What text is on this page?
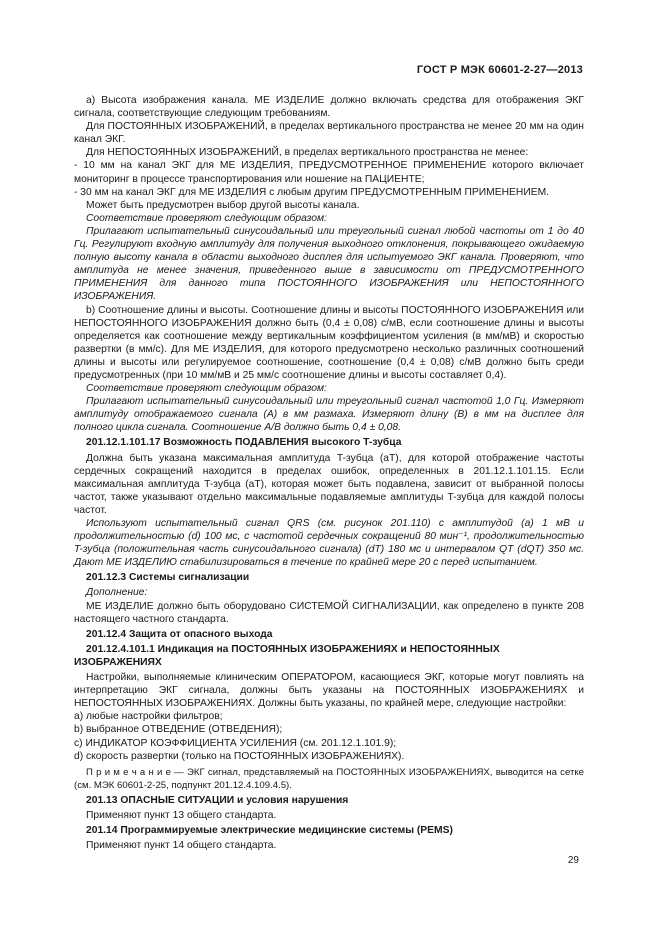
ГОСТ Р МЭК 60601-2-27—2013

а) Высота изображения канала. МЕ ИЗДЕЛИЕ должно включать средства для отображения ЭКГ сигнала, соответствующие следующим требованиям.

Для ПОСТОЯННЫХ ИЗОБРАЖЕНИЙ, в пределах вертикального пространства не менее 20 мм на один канал ЭКГ.

Для НЕПОСТОЯННЫХ ИЗОБРАЖЕНИЙ, в пределах вертикального пространства не менее:

- 10 мм на канал ЭКГ для МЕ ИЗДЕЛИЯ, ПРЕДУСМОТРЕННОЕ ПРИМЕНЕНИЕ которого включает мониторинг в процессе транспортирования или ношение на ПАЦИЕНТЕ;

- 30 мм на канал ЭКГ для МЕ ИЗДЕЛИЯ с любым другим ПРЕДУСМОТРЕННЫМ ПРИМЕНЕНИЕМ.

Может быть предусмотрен выбор другой высоты канала.

Соответствие проверяют следующим образом:

Прилагают испытательный синусоидальный или треугольный сигнал любой частоты от 1 до 40 Гц. Регулируют входную амплитуду для получения выходного отклонения, покрывающего ожидаемую полную высоту канала в области выходного дисплея для испытуемого ЭКГ канала. Проверяют, что амплитуда не менее значения, приведенного выше в зависимости от ПРЕДУСМОТРЕННОГО ПРИМЕНЕНИЯ для данного типа ПОСТОЯННОГО ИЗОБРАЖЕНИЯ или НЕПОСТОЯННОГО ИЗОБРАЖЕНИЯ.

b) Соотношение длины и высоты. Соотношение длины и высоты ПОСТОЯННОГО ИЗОБРАЖЕНИЯ или НЕПОСТОЯННОГО ИЗОБРАЖЕНИЯ должно быть (0,4 ± 0,08) с/мВ, если соотношение длины и высоты определяется как соотношение между вертикальным коэффициентом усиления (в мм/мВ) и скоростью развертки (в мм/с). Для МЕ ИЗДЕЛИЯ, для которого предусмотрено несколько различных соотношений длины и высоты или регулируемое соотношение, соотношение (0,4 ± 0,08) с/мВ должно быть среди предусмотренных (при 10 мм/мВ и 25 мм/с соотношение длины и высоты составляет 0,4).

Соответствие проверяют следующим образом:

Прилагают испытательный синусоидальный или треугольный сигнал частотой 1,0 Гц. Измеряют амплитуду отображаемого сигнала (А) в мм размаха. Измеряют длину (В) в мм на дисплее для полного цикла сигнала. Соотношение А/В должно быть 0,4 ± 0,08.

201.12.1.101.17 Возможность ПОДАВЛЕНИЯ высокого T-зубца

Должна быть указана максимальная амплитуда T-зубца (aT), для которой отображение частоты сердечных сокращений находится в пределах ошибок, определенных в 201.12.1.101.15. Если максимальная амплитуда T-зубца (aT), которая может быть подавлена, зависит от выбранной полосы частот, также указывают отдельно максимальные подавляемые амплитуды T-зубца для каждой полосы частот.

Используют испытательный сигнал QRS (см. рисунок 201.110) с амплитудой (a) 1 мВ и продолжительностью (d) 100 мс, с частотой сердечных сокращений 80 мин⁻¹, продолжительностью T-зубца (положительная часть синусоидального сигнала) (dT) 180 мс и интервалом QT (dQT) 350 мс. Дают МЕ ИЗДЕЛИЮ стабилизироваться в течение по крайней мере 20 с перед испытанием.

201.12.3 Системы сигнализации

Дополнение:

МЕ ИЗДЕЛИЕ должно быть оборудовано СИСТЕМОЙ СИГНАЛИЗАЦИИ, как определено в пункте 208 настоящего частного стандарта.

201.12.4 Защита от опасного выхода

201.12.4.101.1 Индикация на ПОСТОЯННЫХ ИЗОБРАЖЕНИЯХ и НЕПОСТОЯННЫХ ИЗОБРАЖЕНИЯХ

Настройки, выполняемые клиническим ОПЕРАТОРОМ, касающиеся ЭКГ, которые могут повлиять на интерпретацию ЭКГ сигнала, должны быть указаны на ПОСТОЯННЫХ ИЗОБРАЖЕНИЯХ и НЕПОСТОЯННЫХ ИЗОБРАЖЕНИЯХ. Должны быть указаны, по крайней мере, следующие настройки:

a) любые настройки фильтров;

b) выбранное ОТВЕДЕНИЕ (ОТВЕДЕНИЯ);

c) ИНДИКАТОР КОЭФФИЦИЕНТА УСИЛЕНИЯ (см. 201.12.1.101.9);

d) скорость развертки (только на ПОСТОЯННЫХ ИЗОБРАЖЕНИЯХ).

П р и м е ч а н и е — ЭКГ сигнал, представляемый на ПОСТОЯННЫХ ИЗОБРАЖЕНИЯХ, выводится на сетке (см. МЭК 60601-2-25, подпункт 201.12.4.109.4.5).

201.13 ОПАСНЫЕ СИТУАЦИИ и условия нарушения

Применяют пункт 13 общего стандарта.

201.14 Программируемые электрические медицинские системы (PEMS)

Применяют пункт 14 общего стандарта.

29
